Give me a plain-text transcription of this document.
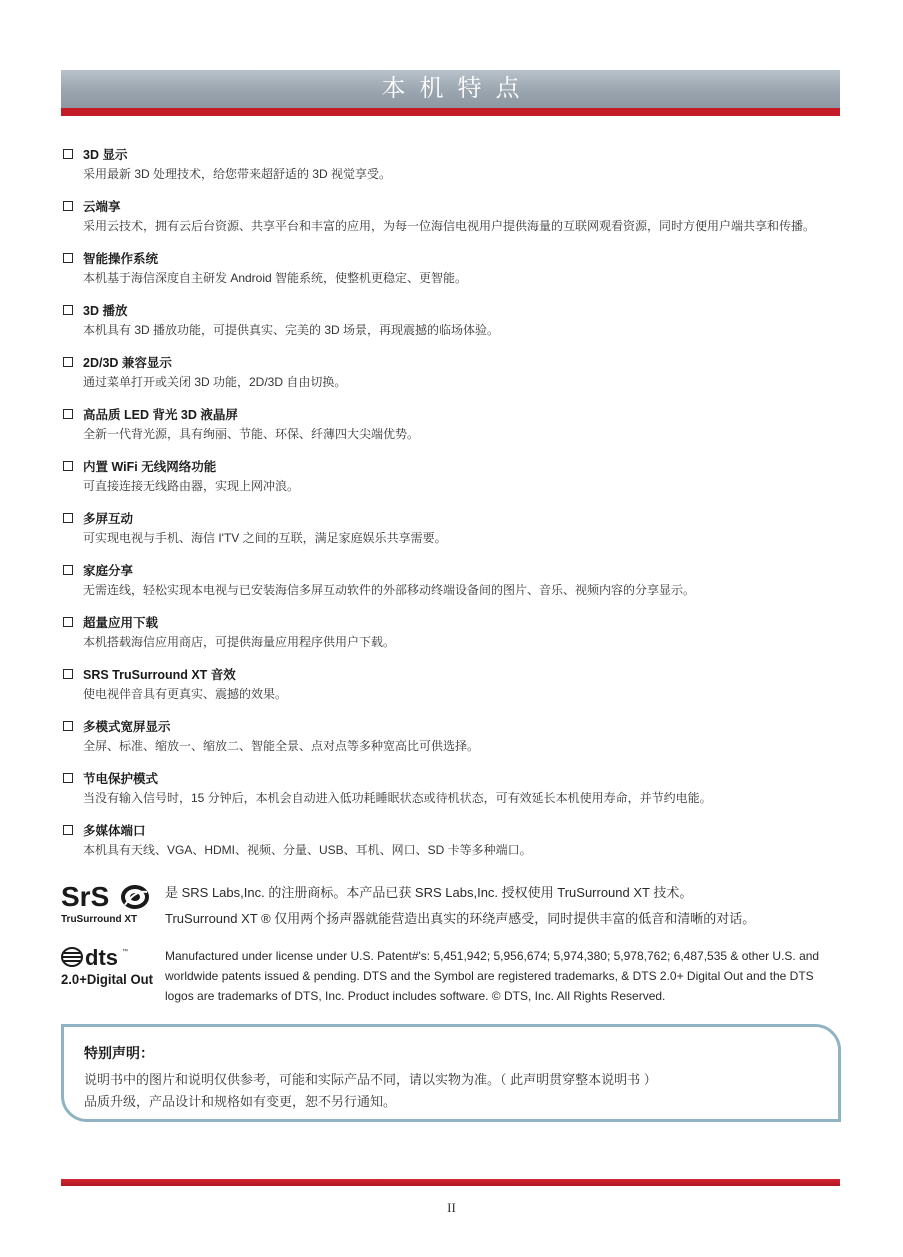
本机特点
3D 显示
采用最新 3D 处理技术，给您带来超舒适的 3D 视觉享受。
云端享
采用云技术，拥有云后台资源、共享平台和丰富的应用，为每一位海信电视用户提供海量的互联网观看资源，同时方便用户端共享和传播。
智能操作系统
本机基于海信深度自主研发 Android 智能系统，使整机更稳定、更智能。
3D 播放
本机具有 3D 播放功能，可提供真实、完美的 3D 场景，再现震撼的临场体验。
2D/3D 兼容显示
通过菜单打开或关闭 3D 功能，2D/3D 自由切换。
高品质 LED 背光 3D 液晶屏
全新一代背光源，具有绚丽、节能、环保、纤薄四大尖端优势。
内置 WiFi 无线网络功能
可直接连接无线路由器，实现上网冲浪。
多屏互动
可实现电视与手机、海信 I'TV 之间的互联，满足家庭娱乐共享需要。
家庭分享
无需连线，轻松实现本电视与已安装海信多屏互动软件的外部移动终端设备间的图片、音乐、视频内容的分享显示。
超量应用下载
本机搭载海信应用商店，可提供海量应用程序供用户下载。
SRS TruSurround XT 音效
使电视伴音具有更真实、震撼的效果。
多模式宽屏显示
全屏、标准、缩放一、缩放二、智能全景、点对点等多种宽高比可供选择。
节电保护模式
当没有输入信号时，15 分钟后，本机会自动进入低功耗睡眠状态或待机状态，可有效延长本机使用寿命，并节约电能。
多媒体端口
本机具有天线、VGA、HDMI、视频、分量、USB、耳机、网口、SD 卡等多种端口。
SrS
TruSurround XT
是 SRS Labs,Inc. 的注册商标。本产品已获 SRS Labs,Inc. 授权使用 TruSurround XT 技术。
TruSurround XT ® 仅用两个扬声器就能营造出真实的环绕声感受，同时提供丰富的低音和清晰的对话。
dts ™
2.0+Digital Out
Manufactured under license under U.S. Patent#'s: 5,451,942; 5,956,674; 5,974,380; 5,978,762; 6,487,535 & other U.S. and worldwide patents issued & pending. DTS and the Symbol are registered trademarks, & DTS 2.0+ Digital Out and the DTS logos are trademarks of DTS, Inc. Product includes software. © DTS, Inc. All Rights Reserved.
特别声明：
说明书中的图片和说明仅供参考，可能和实际产品不同，请以实物为准。（ 此声明贯穿整本说明书 ）
品质升级，产品设计和规格如有变更，恕不另行通知。
II
